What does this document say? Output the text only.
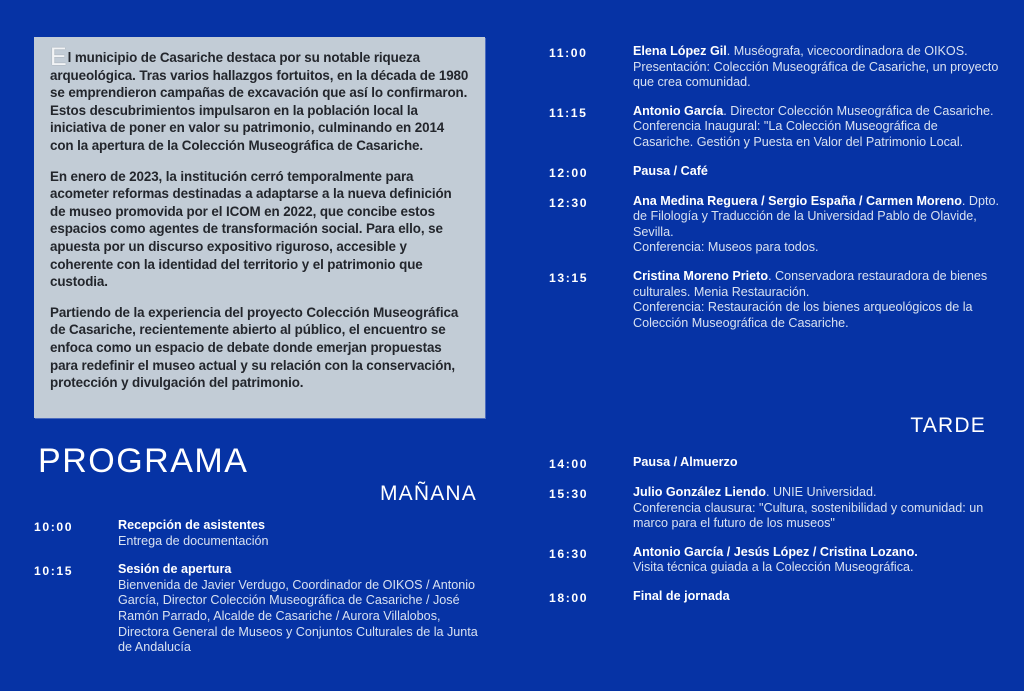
El municipio de Casariche destaca por su notable riqueza arqueológica. Tras varios hallazgos fortuitos, en la década de 1980 se emprendieron campañas de excavación que así lo confirmaron. Estos descubrimientos impulsaron en la población local la iniciativa de poner en valor su patrimonio, culminando en 2014 con la apertura de la Colección Museográfica de Casariche.

En enero de 2023, la institución cerró temporalmente para acometer reformas destinadas a adaptarse a la nueva definición de museo promovida por el ICOM en 2022, que concibe estos espacios como agentes de transformación social. Para ello, se apuesta por un discurso expositivo riguroso, accesible y coherente con la identidad del territorio y el patrimonio que custodia.

Partiendo de la experiencia del proyecto Colección Museográfica de Casariche, recientemente abierto al público, el encuentro se enfoca como un espacio de debate donde emerjan propuestas para redefinir el museo actual y su relación con la conservación, protección y divulgación del patrimonio.

programa
MAÑANA
10:00	Recepción de asistentes
Entrega de documentación
10:15	Sesión de apertura
Bienvenida de Javier Verdugo, Coordinador de OIKOS / Antonio García, Director Colección Museográfica de Casariche / José Ramón Parrado, Alcalde de Casariche / Aurora Villalobos, Directora General de Museos y Conjuntos Culturales de la Junta de Andalucía
11:00	Elena López Gil. Muséografa, vicecoordinadora de OIKOS.
Presentación: Colección Museográfica de Casariche, un proyecto que crea comunidad.
11:15	Antonio García. Director Colección Museográfica de Casariche.
Conferencia Inaugural: "La Colección Museográfica de Casariche. Gestión y Puesta en Valor del Patrimonio Local.
12:00	Pausa / Café
12:30	Ana Medina Reguera / Sergio España / Carmen Moreno. Dpto. de Filología y Traducción de la Universidad Pablo de Olavide, Sevilla.
Conferencia: Museos para todos.
13:15	Cristina Moreno Prieto. Conservadora restauradora de bienes culturales. Menia Restauración.
Conferencia: Restauración de los bienes arqueológicos de la Colección Museográfica de Casariche.
TARDE
14:00	Pausa / Almuerzo
15:30	Julio González Liendo. UNIE Universidad.
Conferencia clausura: "Cultura, sostenibilidad y comunidad: un marco para el futuro de los museos"
16:30	Antonio García / Jesús López / Cristina Lozano.
Visita técnica guiada a la Colección Museográfica.
18:00	Final de jornada
